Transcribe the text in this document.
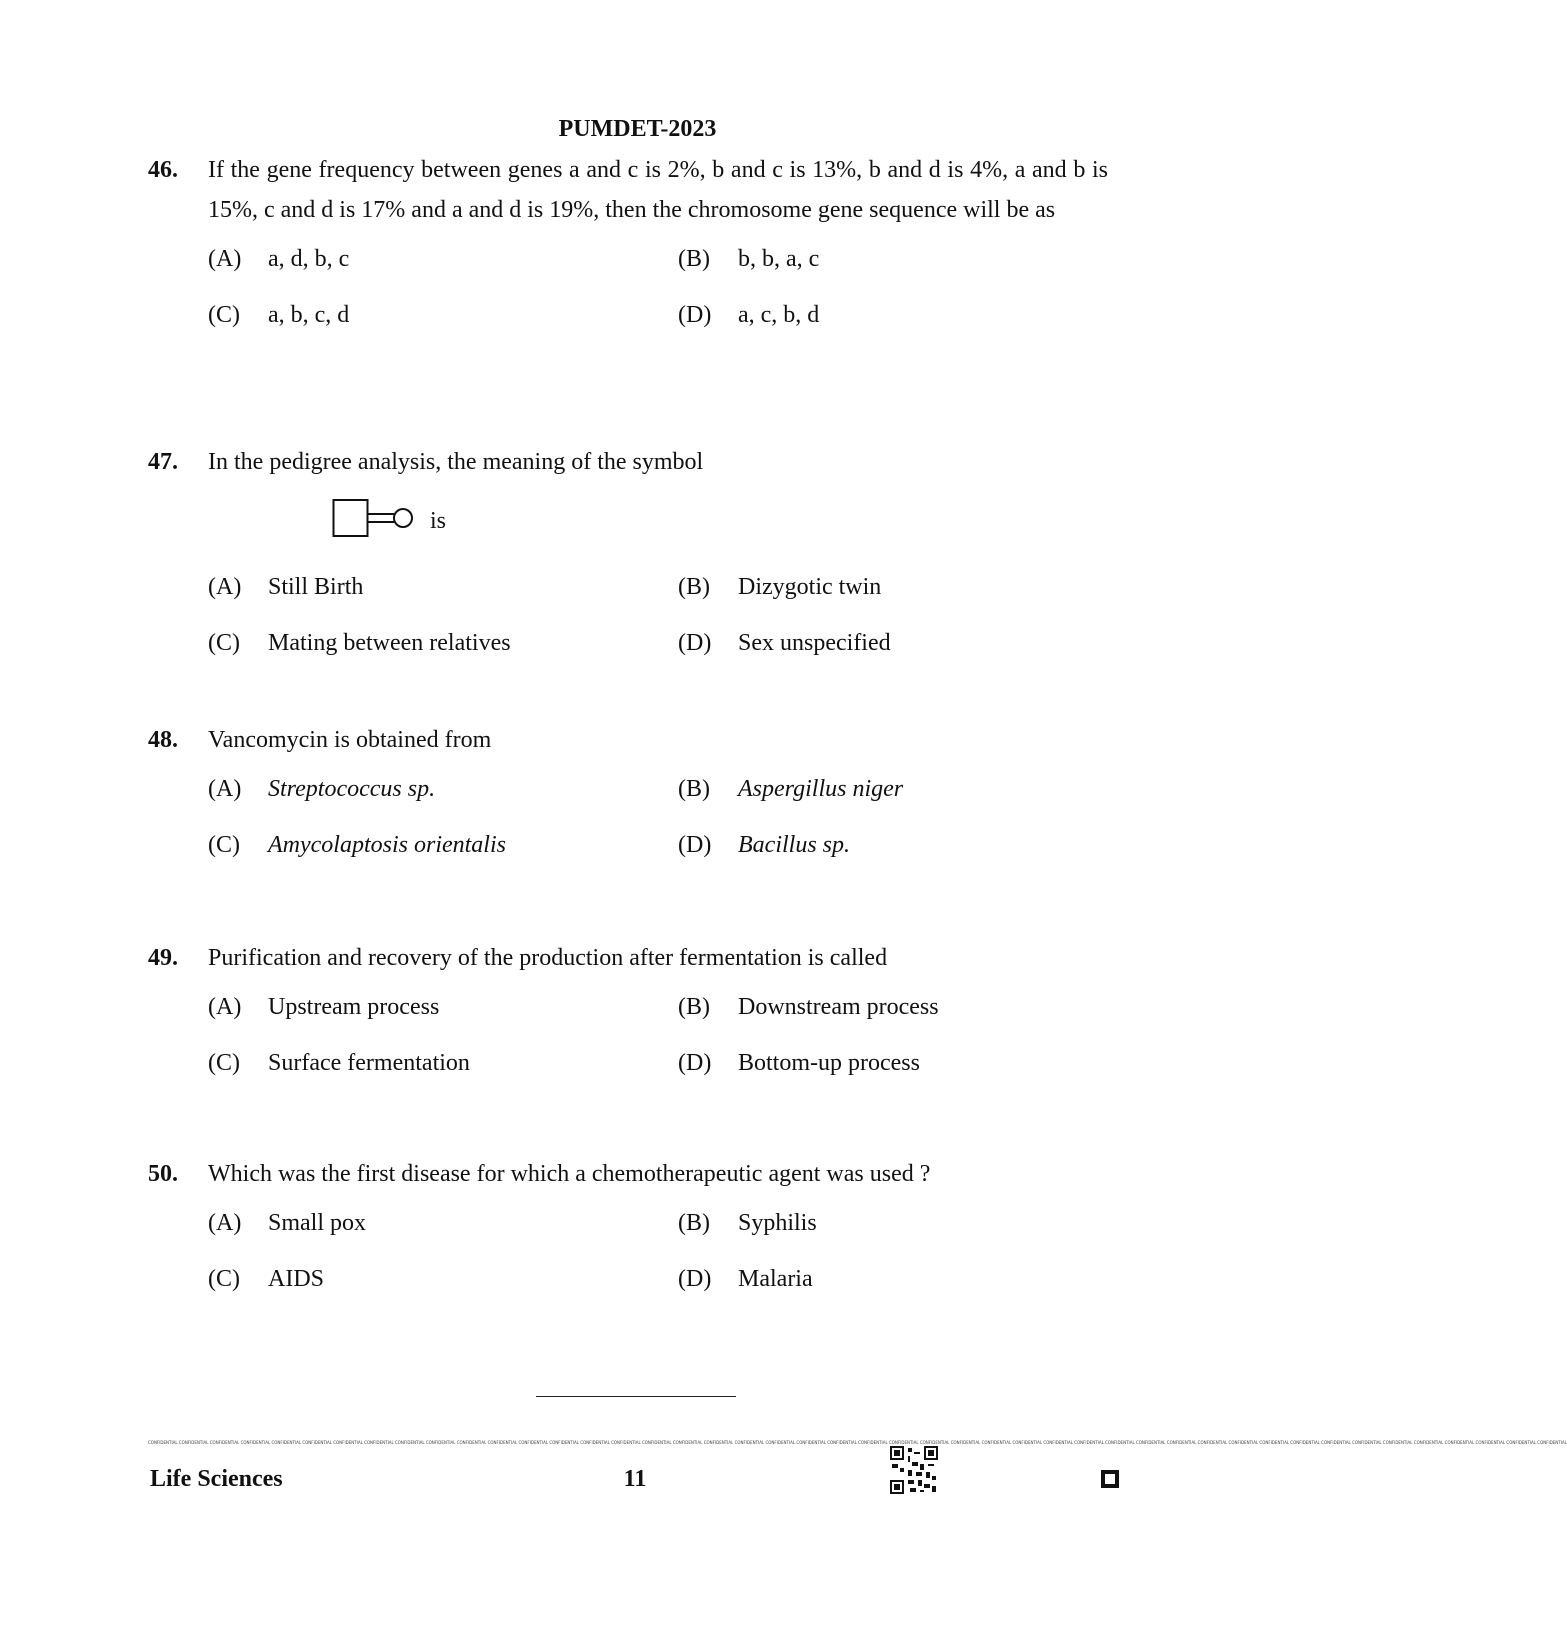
PUMDET-2023
46.	If the gene frequency between genes a and c is 2%, b and c is 13%, b and d is 4%, a and b is 15%, c and d is 17% and a and d is 19%, then the chromosome gene sequence will be as
(A)	a, d, b, c	(B)	b, b, a, c
(C)	a, b, c, d	(D)	a, c, b, d
47.	In the pedigree analysis, the meaning of the symbol
is
(A)	Still Birth	(B)	Dizygotic twin
(C)	Mating between relatives	(D)	Sex unspecified
48.	Vancomycin is obtained from
(A)	Streptococcus sp.	(B)	Aspergillus niger
(C)	Amycolaptosis orientalis	(D)	Bacillus sp.
49.	Purification and recovery of the production after fermentation is called
(A)	Upstream process	(B)	Downstream process
(C)	Surface fermentation	(D)	Bottom-up process
50.	Which was the first disease for which a chemotherapeutic agent was used ?
(A)	Small pox	(B)	Syphilis
(C)	AIDS	(D)	Malaria
CONFIDENTIAL CONFIDENTIAL CONFIDENTIAL CONFIDENTIAL CONFIDENTIAL CONFIDENTIAL CONFIDENTIAL CONFIDENTIAL CONFIDENTIAL CONFIDENTIAL CONFIDENTIAL CONFIDENTIAL CONFIDENTIAL CONFIDENTIAL CONFIDENTIAL CONFIDENTIAL CONFIDENTIAL CONFIDENTIAL CONFIDENTIAL CONFIDENTIAL CONFIDENTIAL CONFIDENTIAL CONFIDENTIAL CONFIDENTIAL CONFIDENTIAL CONFIDENTIAL CONFIDENTIAL CONFIDENTIAL CONFIDENTIAL CONFIDENTIAL CONFIDENTIAL CONFIDENTIAL CONFIDENTIAL CONFIDENTIAL CONFIDENTIAL CONFIDENTIAL CONFIDENTIAL CONFIDENTIAL CONFIDENTIAL CONFIDENTIAL CONFIDENTIAL CONFIDENTIAL CONFIDENTIAL CONFIDENTIAL CONFIDENTIAL CONFIDENTIAL
Life Sciences	11
